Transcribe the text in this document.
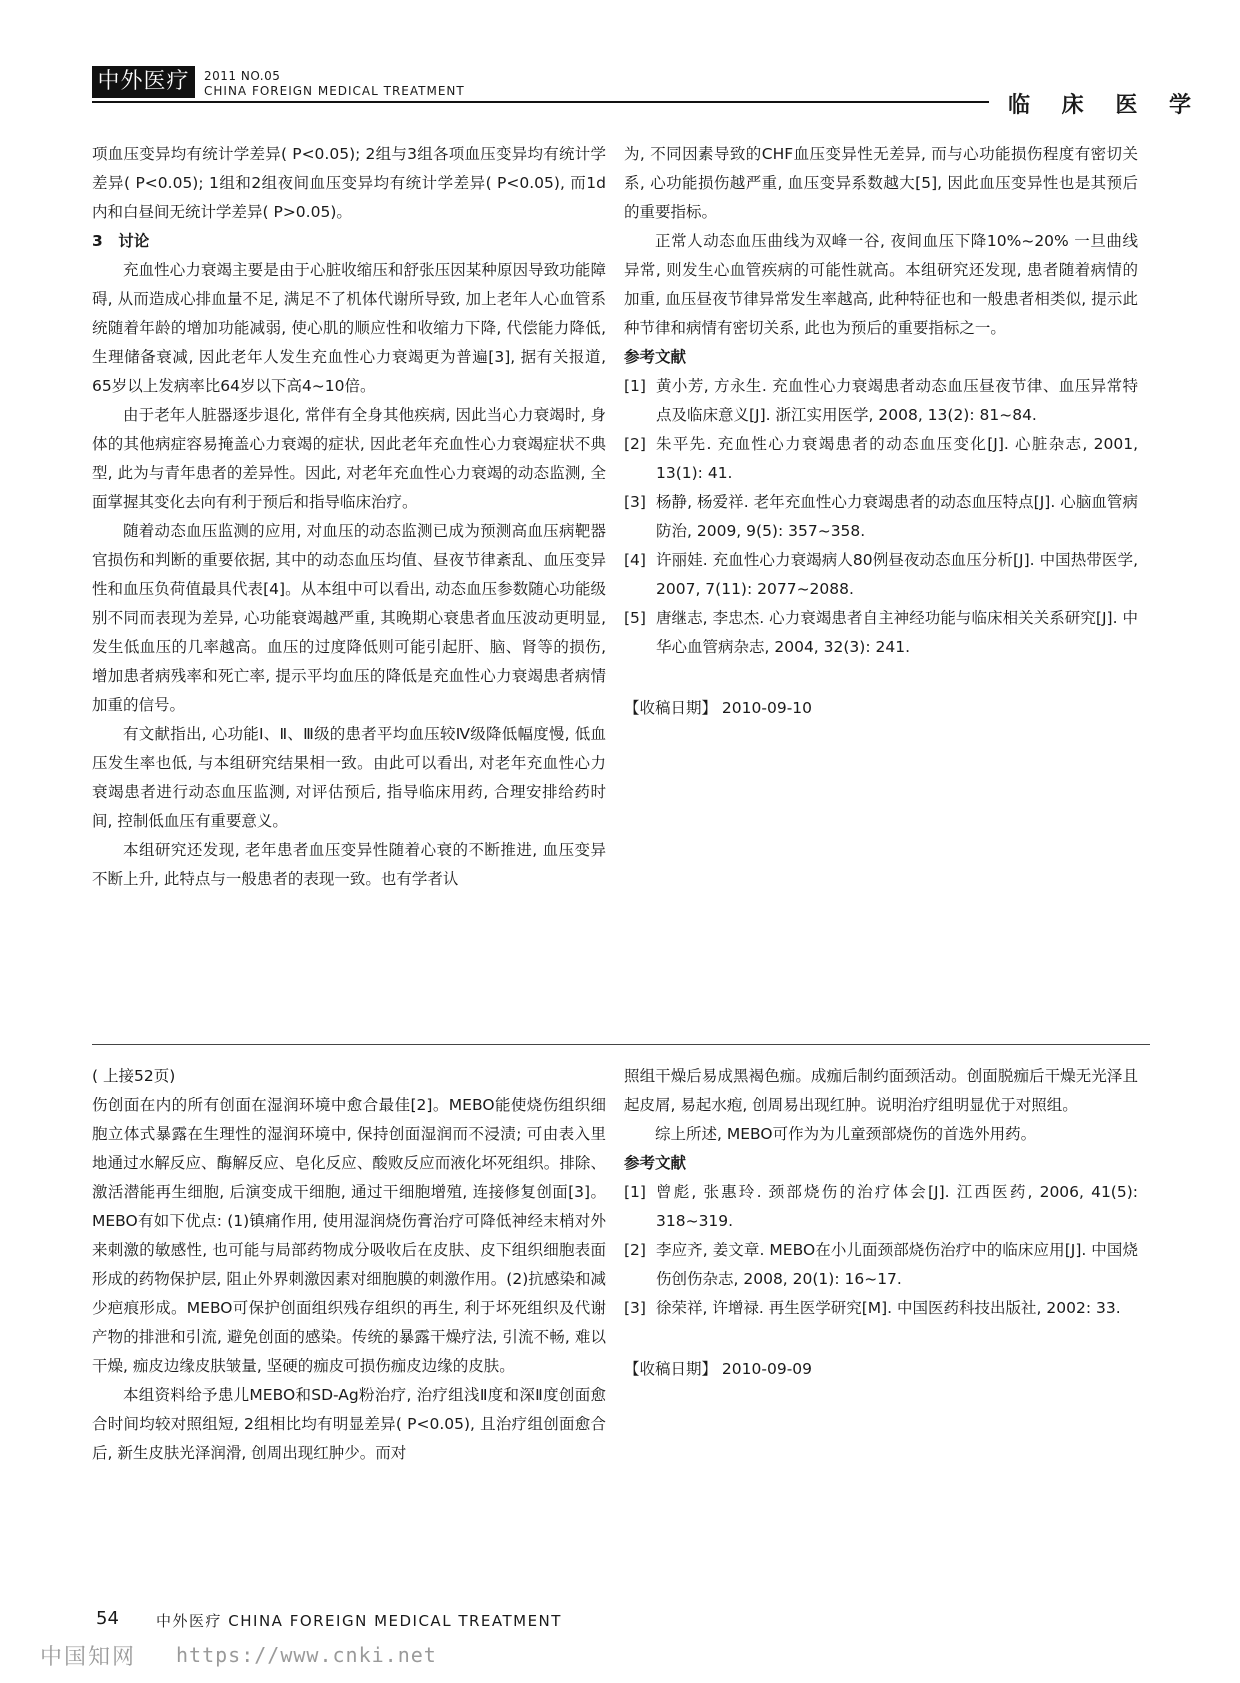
中外医疗	2011 NO.05
CHINA FOREIGN MEDICAL TREATMENT
临 床 医 学

项血压变异均有统计学差异( P<0.05); 2组与3组各项血压变异均有统计学差异( P<0.05); 1组和2组夜间血压变异均有统计学差异( P<0.05), 而1d内和白昼间无统计学差异( P>0.05)。

3　讨论

充血性心力衰竭主要是由于心脏收缩压和舒张压因某种原因导致功能障碍, 从而造成心排血量不足, 满足不了机体代谢所导致, 加上老年人心血管系统随着年龄的增加功能减弱, 使心肌的顺应性和收缩力下降, 代偿能力降低, 生理储备衰减, 因此老年人发生充血性心力衰竭更为普遍[3], 据有关报道, 65岁以上发病率比64岁以下高4~10倍。

由于老年人脏器逐步退化, 常伴有全身其他疾病, 因此当心力衰竭时, 身体的其他病症容易掩盖心力衰竭的症状, 因此老年充血性心力衰竭症状不典型, 此为与青年患者的差异性。因此, 对老年充血性心力衰竭的动态监测, 全面掌握其变化去向有利于预后和指导临床治疗。

随着动态血压监测的应用, 对血压的动态监测已成为预测高血压病靶器官损伤和判断的重要依据, 其中的动态血压均值、昼夜节律紊乱、血压变异性和血压负荷值最具代表[4]。从本组中可以看出, 动态血压参数随心功能级别不同而表现为差异, 心功能衰竭越严重, 其晚期心衰患者血压波动更明显, 发生低血压的几率越高。血压的过度降低则可能引起肝、脑、肾等的损伤, 增加患者病残率和死亡率, 提示平均血压的降低是充血性心力衰竭患者病情加重的信号。

有文献指出, 心功能Ⅰ、Ⅱ、Ⅲ级的患者平均血压较Ⅳ级降低幅度慢, 低血压发生率也低, 与本组研究结果相一致。由此可以看出, 对老年充血性心力衰竭患者进行动态血压监测, 对评估预后, 指导临床用药, 合理安排给药时间, 控制低血压有重要意义。

本组研究还发现, 老年患者血压变异性随着心衰的不断推进, 血压变异不断上升, 此特点与一般患者的表现一致。也有学者认

为, 不同因素导致的CHF血压变异性无差异, 而与心功能损伤程度有密切关系, 心功能损伤越严重, 血压变异系数越大[5], 因此血压变异性也是其预后的重要指标。

正常人动态血压曲线为双峰一谷, 夜间血压下降10%~20% 一旦曲线异常, 则发生心血管疾病的可能性就高。本组研究还发现, 患者随着病情的加重, 血压昼夜节律异常发生率越高, 此种特征也和一般患者相类似, 提示此种节律和病情有密切关系, 此也为预后的重要指标之一。

参考文献

[1] 黄小芳, 方永生. 充血性心力衰竭患者动态血压昼夜节律、血压异常特点及临床意义[J]. 浙江实用医学, 2008, 13(2): 81~84.
[2] 朱平先. 充血性心力衰竭患者的动态血压变化[J]. 心脏杂志, 2001, 13(1): 41.
[3] 杨静, 杨爱祥. 老年充血性心力衰竭患者的动态血压特点[J]. 心脑血管病防治, 2009, 9(5): 357~358.
[4] 许丽娃. 充血性心力衰竭病人80例昼夜动态血压分析[J]. 中国热带医学, 2007, 7(11): 2077~2088.
[5] 唐继志, 李忠杰. 心力衰竭患者自主神经功能与临床相关关系研究[J]. 中华心血管病杂志, 2004, 32(3): 241.

【收稿日期】 2010-09-10

( 上接52页)

伤创面在内的所有创面在湿润环境中愈合最佳[2]。MEBO能使烧伤组织细胞立体式暴露在生理性的湿润环境中, 保持创面湿润而不浸渍; 可由表入里地通过水解反应、酶解反应、皂化反应、酸败反应而液化坏死组织。排除、激活潜能再生细胞, 后演变成干细胞, 通过干细胞增殖, 连接修复创面[3]。MEBO有如下优点: (1)镇痛作用, 使用湿润烧伤膏治疗可降低神经末梢对外来刺激的敏感性, 也可能与局部药物成分吸收后在皮肤、皮下组织细胞表面形成的药物保护层, 阻止外界刺激因素对细胞膜的刺激作用。(2)抗感染和减少疤痕形成。MEBO可保护创面组织残存组织的再生, 利于坏死组织及代谢产物的排泄和引流, 避免创面的感染。传统的暴露干燥疗法, 引流不畅, 难以干燥, 痂皮边缘皮肤皱量, 坚硬的痂皮可损伤痂皮边缘的皮肤。

本组资料给予患儿MEBO和SD-Ag粉治疗, 治疗组浅Ⅱ度和深Ⅱ度创面愈合时间均较对照组短, 2组相比均有明显差异( P<0.05), 且治疗组创面愈合后, 新生皮肤光泽润滑, 创周出现红肿少。而对

照组干燥后易成黑褐色痂。成痂后制约面颈活动。创面脱痂后干燥无光泽且起皮屑, 易起水疱, 创周易出现红肿。说明治疗组明显优于对照组。

综上所述, MEBO可作为为儿童颈部烧伤的首选外用药。

参考文献

[1] 曾彪, 张惠玲. 颈部烧伤的治疗体会[J]. 江西医药, 2006, 41(5): 318~319.
[2] 李应齐, 姜文章. MEBO在小儿面颈部烧伤治疗中的临床应用[J]. 中国烧伤创伤杂志, 2008, 20(1): 16~17.
[3] 徐荣祥, 许增禄. 再生医学研究[M]. 中国医药科技出版社, 2002: 33.

【收稿日期】 2010-09-09

54 中外医疗 CHINA FOREIGN MEDICAL TREATMENT
中国知网 https://www.cnki.net
